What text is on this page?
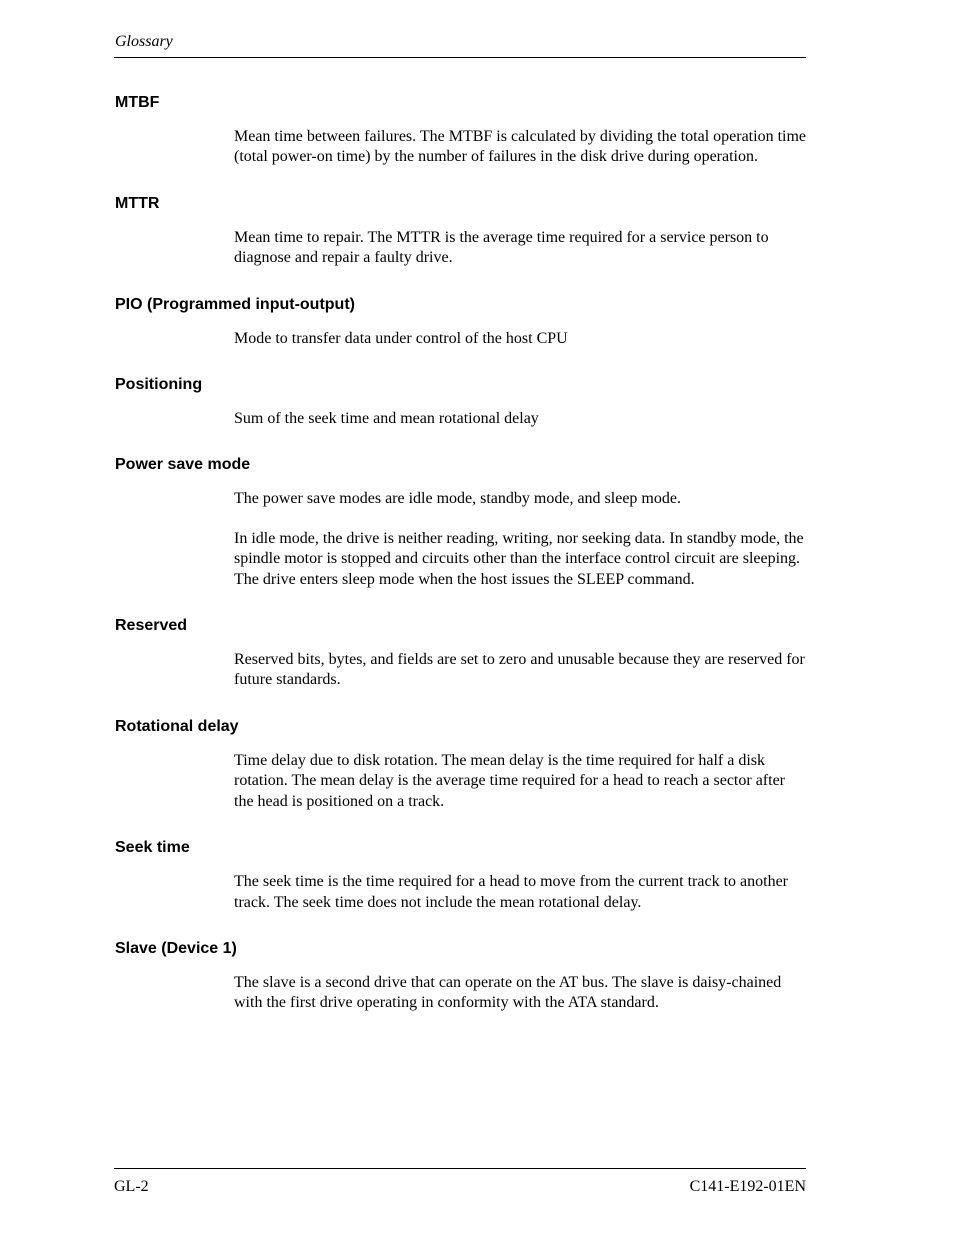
Glossary
MTBF

Mean time between failures. The MTBF is calculated by dividing the total operation time (total power-on time) by the number of failures in the disk drive during operation.

MTTR

Mean time to repair. The MTTR is the average time required for a service person to diagnose and repair a faulty drive.

PIO (Programmed input-output)

Mode to transfer data under control of the host CPU

Positioning

Sum of the seek time and mean rotational delay

Power save mode

The power save modes are idle mode, standby mode, and sleep mode.

In idle mode, the drive is neither reading, writing, nor seeking data. In standby mode, the spindle motor is stopped and circuits other than the interface control circuit are sleeping. The drive enters sleep mode when the host issues the SLEEP command.

Reserved

Reserved bits, bytes, and fields are set to zero and unusable because they are reserved for future standards.

Rotational delay

Time delay due to disk rotation. The mean delay is the time required for half a disk rotation. The mean delay is the average time required for a head to reach a sector after the head is positioned on a track.

Seek time

The seek time is the time required for a head to move from the current track to another track. The seek time does not include the mean rotational delay.

Slave (Device 1)

The slave is a second drive that can operate on the AT bus. The slave is daisy-chained with the first drive operating in conformity with the ATA standard.

GL-2	C141-E192-01EN
